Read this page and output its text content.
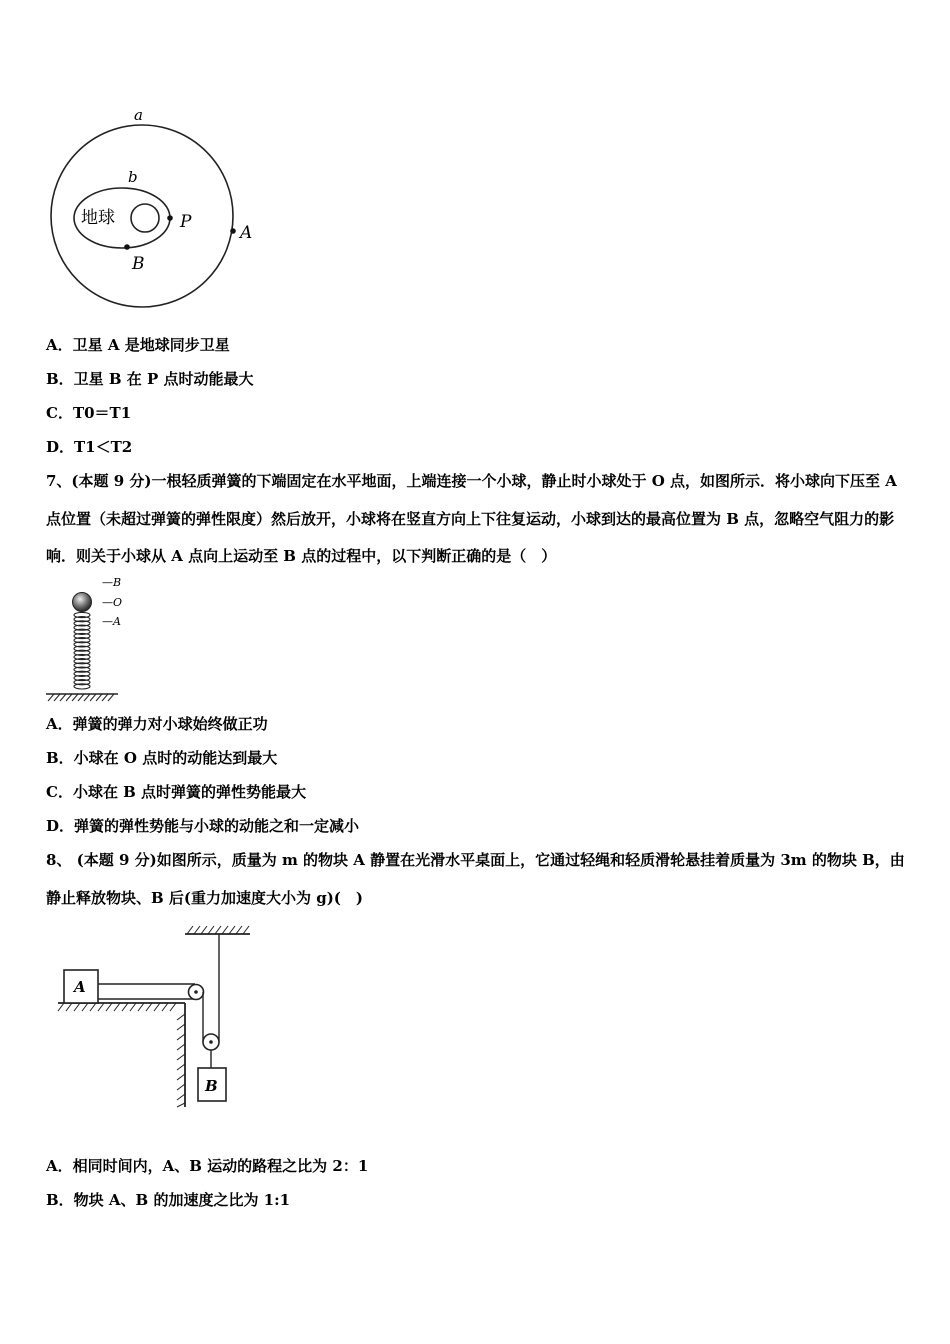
a
b
地球	P
A
B
A．卫星 A 是地球同步卫星
B．卫星 B 在 P 点时动能最大
C．T0＝T1
D．T1＜T2
7、(本题 9 分)一根轻质弹簧的下端固定在水平地面，上端连接一个小球，静止时小球处于 O 点，如图所示．将小球向下压至 A 点位置（未超过弹簧的弹性限度）然后放开，小球将在竖直方向上下往复运动，小球到达的最高位置为 B 点，忽略空气阻力的影响．则关于小球从 A 点向上运动至 B 点的过程中，以下判断正确的是（　）
—B
—O
—A
A．弹簧的弹力对小球始终做正功
B．小球在 O 点时的动能达到最大
C．小球在 B 点时弹簧的弹性势能最大
D．弹簧的弹性势能与小球的动能之和一定减小
8、 (本题 9 分)如图所示，质量为 m 的物块 A 静置在光滑水平桌面上，它通过轻绳和轻质滑轮悬挂着质量为 3m 的物块 B，由静止释放物块、B 后(重力加速度大小为 g)(　)
A
B
A．相同时间内，A、B 运动的路程之比为 2：1
B．物块 A、B 的加速度之比为 1:1
